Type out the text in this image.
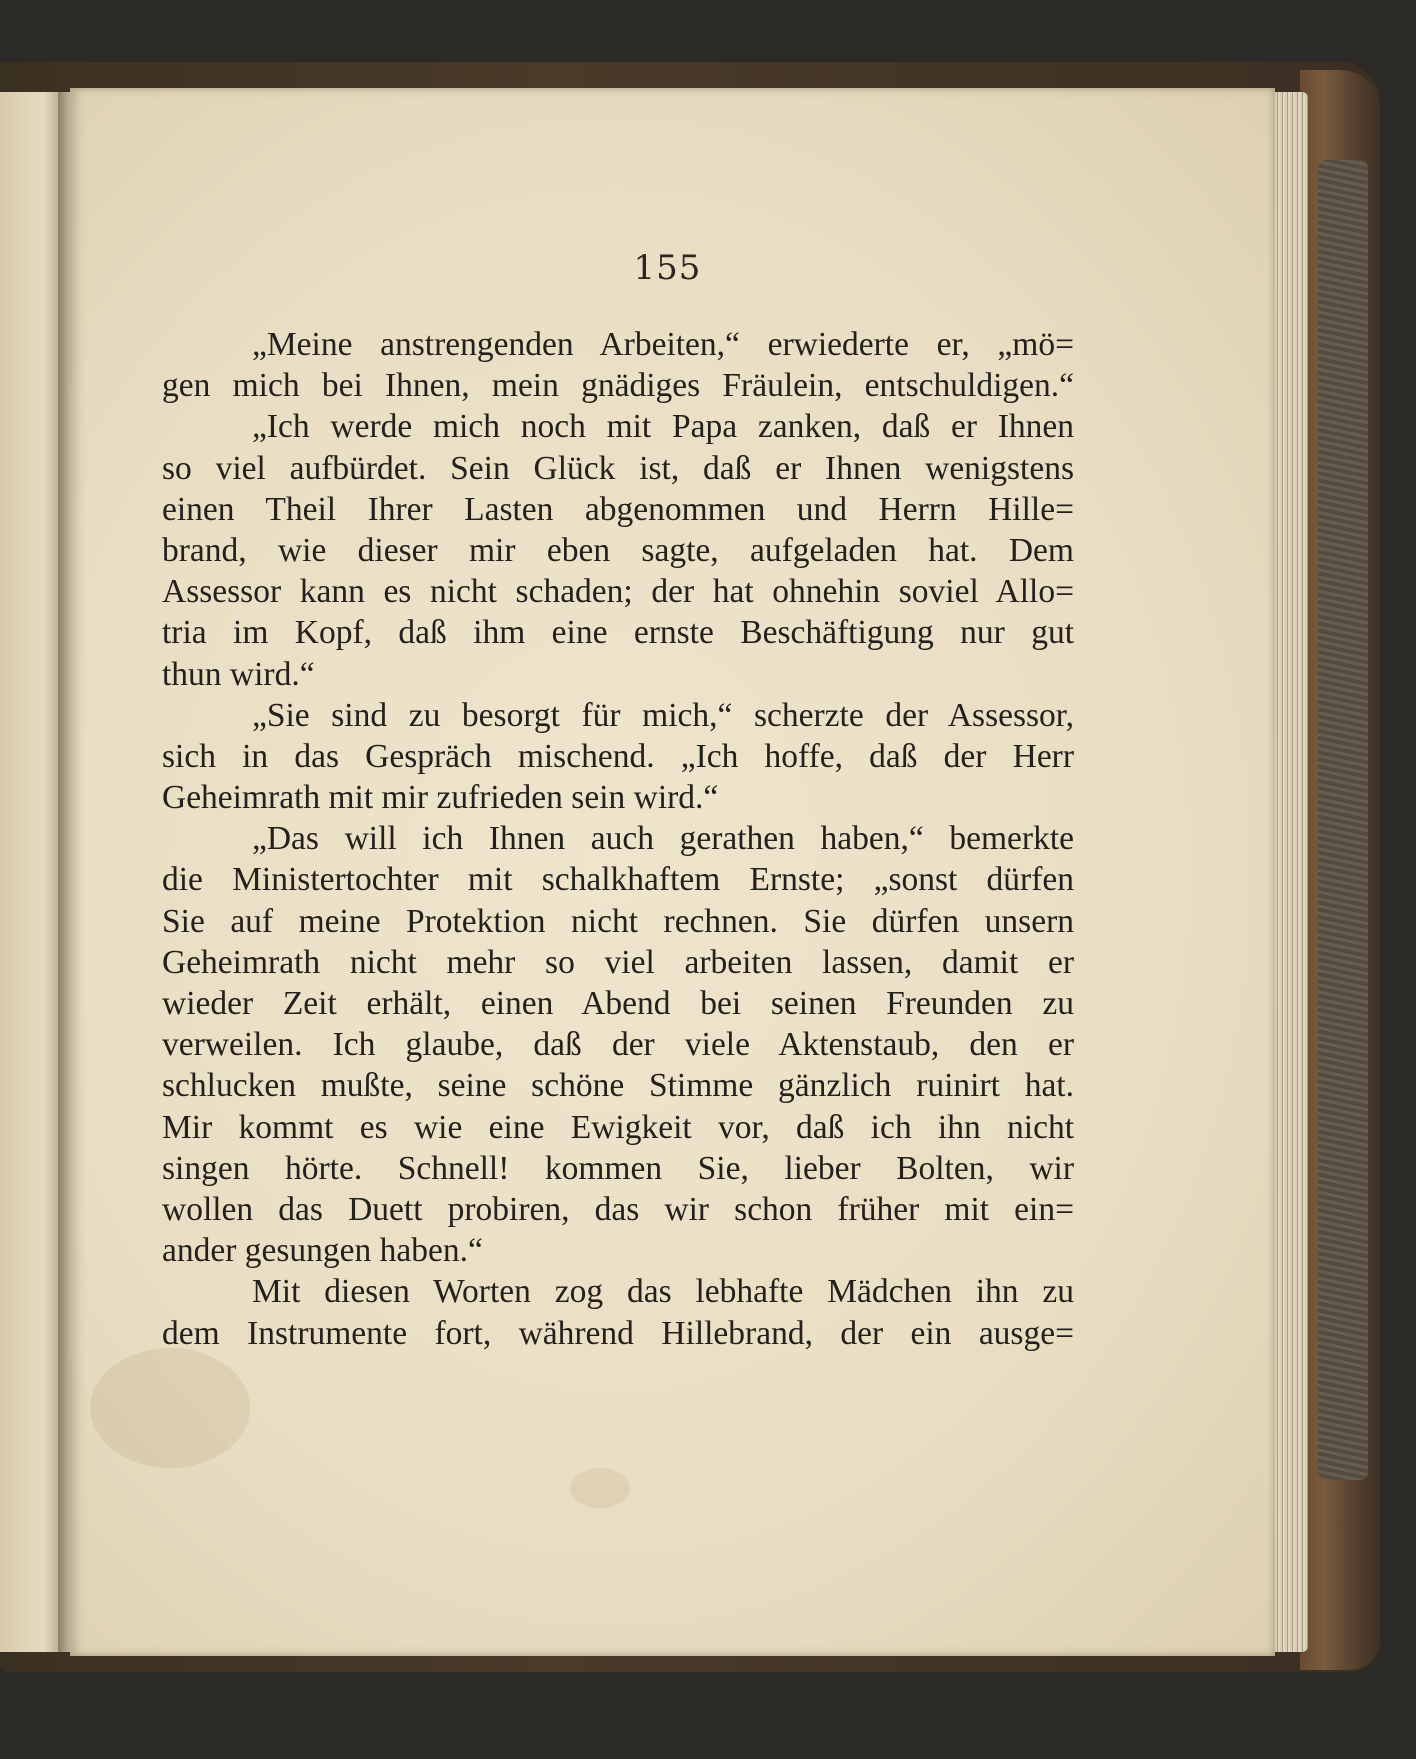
155
„Meine anstrengenden Arbeiten,“ erwiederte er, „mö=
gen mich bei Ihnen, mein gnädiges Fräulein, entschuldigen.“
„Ich werde mich noch mit Papa zanken, daß er Ihnen
so viel aufbürdet. Sein Glück ist, daß er Ihnen wenigstens
einen Theil Ihrer Lasten abgenommen und Herrn Hille=
brand, wie dieser mir eben sagte, aufgeladen hat. Dem
Assessor kann es nicht schaden; der hat ohnehin soviel Allo=
tria im Kopf, daß ihm eine ernste Beschäftigung nur gut
thun wird.“
„Sie sind zu besorgt für mich,“ scherzte der Assessor,
sich in das Gespräch mischend. „Ich hoffe, daß der Herr
Geheimrath mit mir zufrieden sein wird.“
„Das will ich Ihnen auch gerathen haben,“ bemerkte
die Ministertochter mit schalkhaftem Ernste; „sonst dürfen
Sie auf meine Protektion nicht rechnen. Sie dürfen unsern
Geheimrath nicht mehr so viel arbeiten lassen, damit er
wieder Zeit erhält, einen Abend bei seinen Freunden zu
verweilen. Ich glaube, daß der viele Aktenstaub, den er
schlucken mußte, seine schöne Stimme gänzlich ruinirt hat.
Mir kommt es wie eine Ewigkeit vor, daß ich ihn nicht
singen hörte. Schnell! kommen Sie, lieber Bolten, wir
wollen das Duett probiren, das wir schon früher mit ein=
ander gesungen haben.“
Mit diesen Worten zog das lebhafte Mädchen ihn zu
dem Instrumente fort, während Hillebrand, der ein ausge=
